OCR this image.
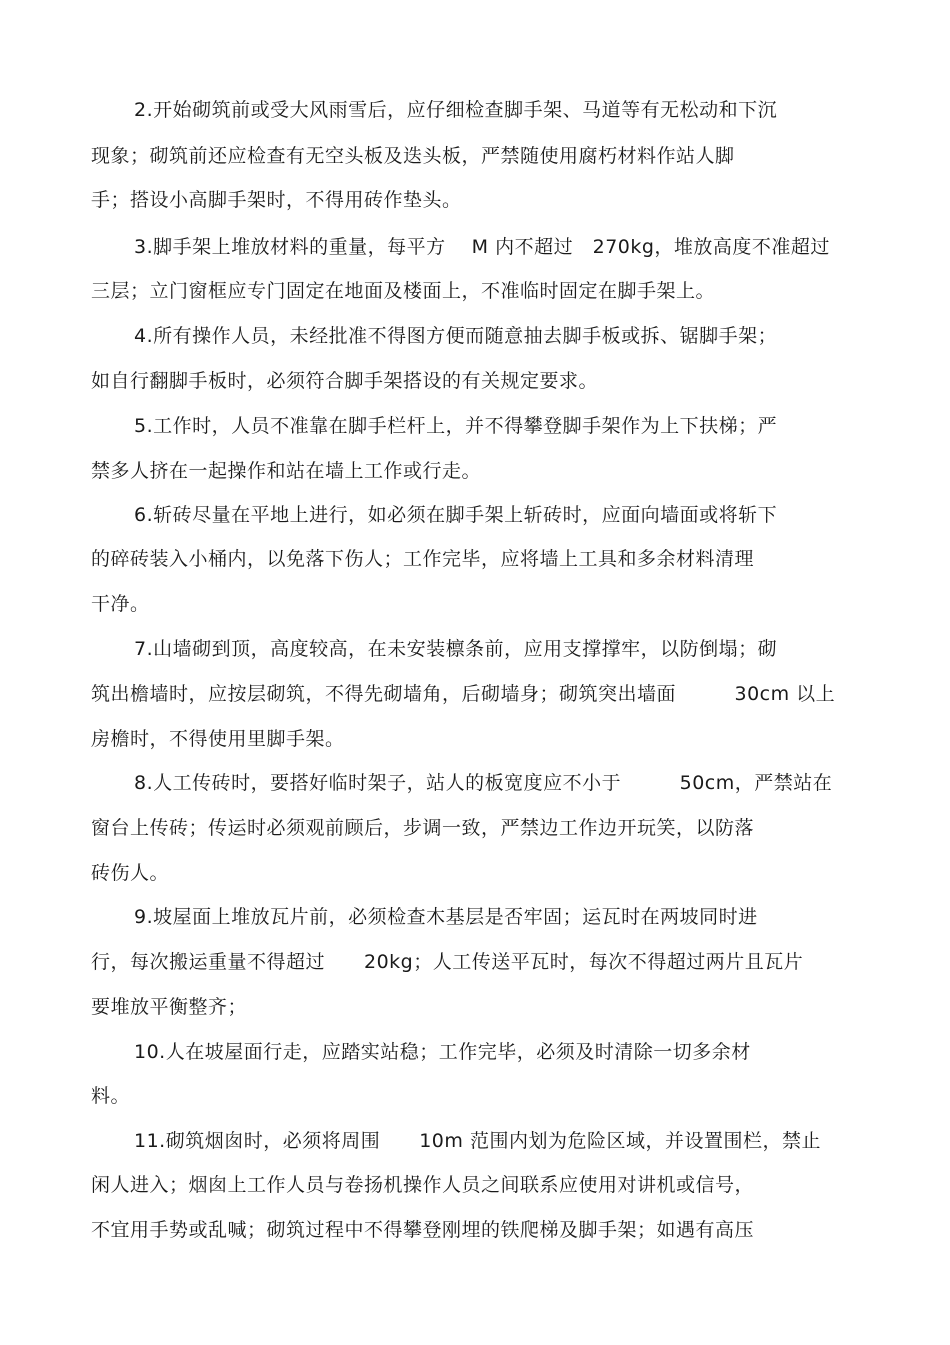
2.开始砌筑前或受大风雨雪后，应仔细检查脚手架、马道等有无松动和下沉
现象；砌筑前还应检查有无空头板及迭头板，严禁随使用腐朽材料作站人脚
手；搭设小高脚手架时，不得用砖作垫头。
3.脚手架上堆放材料的重量，每平方　 M 内不超过　270kg，堆放高度不准超过
三层；立门窗框应专门固定在地面及楼面上，不准临时固定在脚手架上。
4.所有操作人员，未经批准不得图方便而随意抽去脚手板或拆、锯脚手架；
如自行翻脚手板时，必须符合脚手架搭设的有关规定要求。
5.工作时，人员不准靠在脚手栏杆上，并不得攀登脚手架作为上下扶梯；严
禁多人挤在一起操作和站在墙上工作或行走。
6.斩砖尽量在平地上进行，如必须在脚手架上斩砖时，应面向墙面或将斩下
的碎砖装入小桶内，以免落下伤人；工作完毕，应将墙上工具和多余材料清理
干净。
7.山墙砌到顶，高度较高，在未安装檩条前，应用支撑撑牢，以防倒塌；砌
筑出檐墙时，应按层砌筑，不得先砌墙角，后砌墙身；砌筑突出墙面　　　30cm 以上
房檐时，不得使用里脚手架。
8.人工传砖时，要搭好临时架子，站人的板宽度应不小于　　　50cm，严禁站在
窗台上传砖；传运时必须观前顾后，步调一致，严禁边工作边开玩笑，以防落
砖伤人。
9.坡屋面上堆放瓦片前，必须检查木基层是否牢固；运瓦时在两坡同时进
行，每次搬运重量不得超过　　20kg；人工传送平瓦时，每次不得超过两片且瓦片
要堆放平衡整齐；
10.人在坡屋面行走，应踏实站稳；工作完毕，必须及时清除一切多余材
料。
11.砌筑烟囱时，必须将周围　　10m 范围内划为危险区域，并设置围栏，禁止
闲人进入；烟囱上工作人员与卷扬机操作人员之间联系应使用对讲机或信号，
不宜用手势或乱喊；砌筑过程中不得攀登刚埋的铁爬梯及脚手架；如遇有高压
